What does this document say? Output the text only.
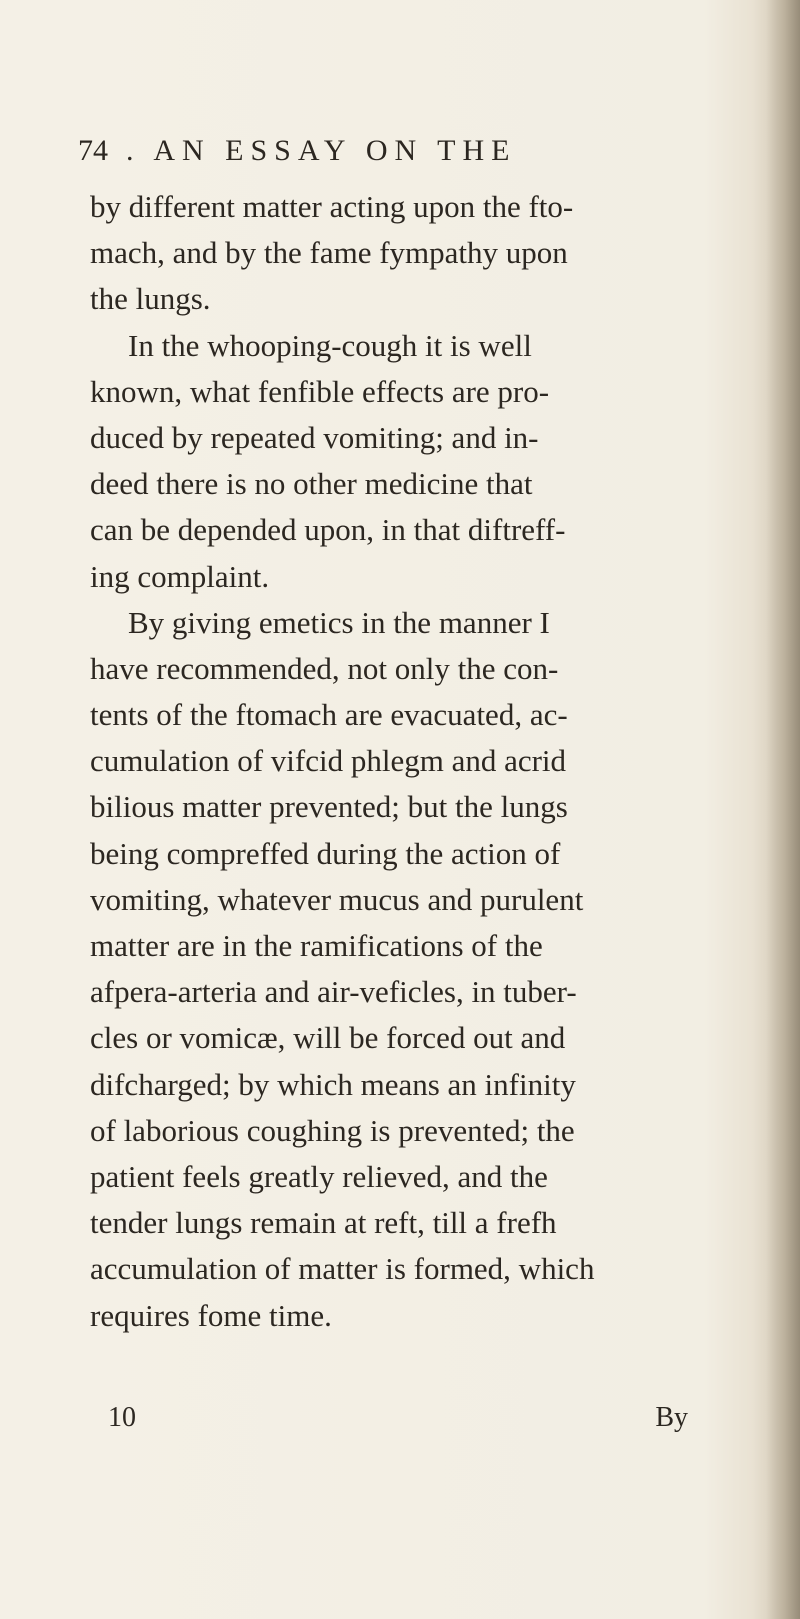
74 . AN ESSAY ON THE
by different matter acting upon the fto-
mach, and by the fame fympathy upon
the lungs.
In the whooping-cough it is well
known, what fenfible effects are pro-
duced by repeated vomiting; and in-
deed there is no other medicine that
can be depended upon, in that diftreff-
ing complaint.
By giving emetics in the manner I
have recommended, not only the con-
tents of the ftomach are evacuated, ac-
cumulation of vifcid phlegm and acrid
bilious matter prevented; but the lungs
being compreffed during the action of
vomiting, whatever mucus and purulent
matter are in the ramifications of the
afpera-arteria and air-veficles, in tuber-
cles or vomicæ, will be forced out and
difcharged; by which means an infinity
of laborious coughing is prevented; the
patient feels greatly relieved, and the
tender lungs remain at reft, till a frefh
accumulation of matter is formed, which
requires fome time.
10	By
